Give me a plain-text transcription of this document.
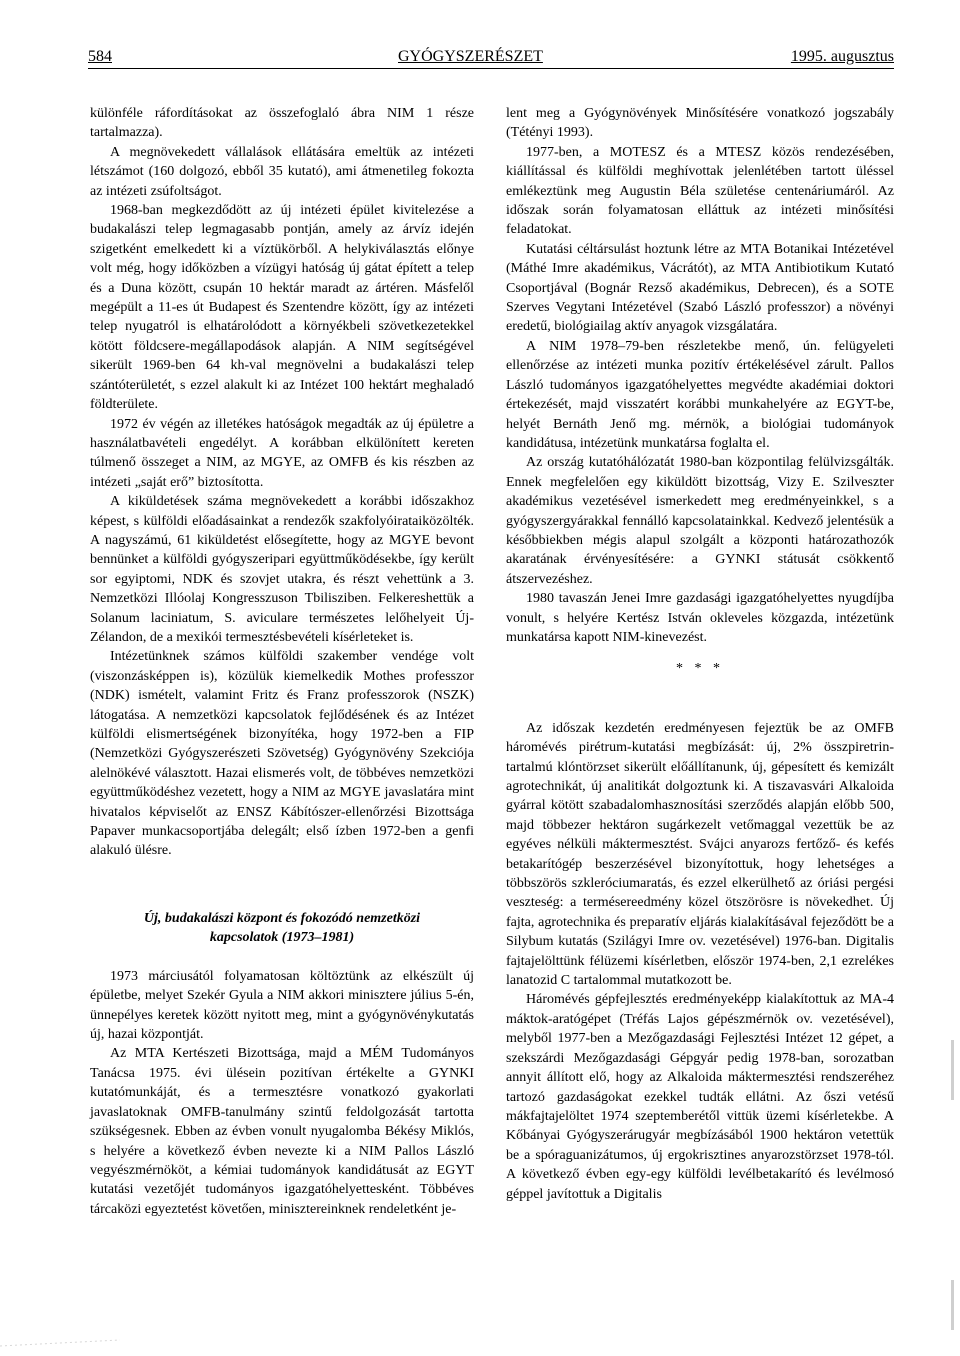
584	GYÓGYSZERÉSZET	1995. augusztus

különféle ráfordításokat az összefoglaló ábra NIM 1 része tartalmazza).

A megnövekedett vállalások ellátására emeltük az intézeti létszámot (160 dolgozó, ebből 35 kutató), ami átmenetileg fokozta az intézeti zsúfoltságot.

1968-ban megkezdődött az új intézeti épület kivitelezése a budakalászi telep legmagasabb pontján, amely az árvíz idején szigetként emelkedett ki a víztükörből. A helykiválasztás előnye volt még, hogy időközben a vízügyi hatóság új gátat épített a telep és a Duna között, csupán 10 hektár maradt az ártéren. Másfelől megépült a 11-es út Budapest és Szentendre között, így az intézeti telep nyugatról is elhatárolódott a környékbeli szövetkezetekkel kötött földcsere-megállapodások alapján. A NIM segítségével sikerült 1969-ben 64 kh-val megnövelni a budakalászi telep szántóterületét, s ezzel alakult ki az Intézet 100 hektárt meghaladó földterülete.

1972 év végén az illetékes hatóságok megadták az új épületre a használatbavételi engedélyt. A korábban elkülönített kereten túlmenő összeget a NIM, az MGYE, az OMFB és kis részben az intézeti „saját erő” biztosította.

A kiküldetések száma megnövekedett a korábbi időszakhoz képest, s külföldi előadásainkat a rendezők szakfolyóirataiközölték. A nagyszámú, 61 kiküldetést elősegítette, hogy az MGYE bevont bennünket a külföldi gyógyszeripari együttműködésekbe, így került sor egyiptomi, NDK és szovjet utakra, és részt vehettünk a 3. Nemzetközi Illóolaj Kongresszuson Tbilisziben. Felkereshettük a Solanum laciniatum, S. aviculare természetes lelőhelyeit Új-Zélandon, de a mexikói termesztésbevételi kísérleteket is.

Intézetünknek számos külföldi szakember vendége volt (viszonzásképpen is), közülük kiemelkedik Mothes professzor (NDK) ismételt, valamint Fritz és Franz professzorok (NSZK) látogatása. A nemzetközi kapcsolatok fejlődésének és az Intézet külföldi elismertségének bizonyítéka, hogy 1972-ben a FIP (Nemzetközi Gyógyszerészeti Szövetség) Gyógynövény Szekciója alelnökévé választott. Hazai elismerés volt, de többéves nemzetközi együttműködéshez vezetett, hogy a NIM az MGYE javaslatára mint hivatalos képviselőt az ENSZ Kábítószer-ellenőrzési Bizottsága Papaver munkacsoportjába delegált; első ízben 1972-ben a genfi alakuló ülésre.

Új, budakalászi központ és fokozódó nemzetközi
kapcsolatok (1973–1981)

1973 márciusától folyamatosan költöztünk az elkészült új épületbe, melyet Szekér Gyula a NIM akkori minisztere július 5-én, ünnepélyes keretek között nyitott meg, mint a gyógynövénykutatás új, hazai központját.

Az MTA Kertészeti Bizottsága, majd a MÉM Tudományos Tanácsa 1975. évi ülésein pozitívan értékelte a GYNKI kutatómunkáját, és a termesztésre vonatkozó gyakorlati javaslatoknak OMFB-tanulmány szintű feldolgozását tartotta szükségesnek. Ebben az évben vonult nyugalomba Békésy Miklós, s helyére a következő évben nevezte ki a NIM Pallos László vegyészmérnököt, a kémiai tudományok kandidátusát az EGYT kutatási vezetőjét tudományos igazgatóhelyettesként. Többéves tárcaközi egyeztetést követően, minisztereinknek rendeletként je-

lent meg a Gyógynövények Minősítésére vonatkozó jogszabály (Tétényi 1993).

1977-ben, a MOTESZ és a MTESZ közös rendezésében, kiállítással és külföldi meghívottak jelenlétében tartott üléssel emlékeztünk meg Augustin Béla születése centenáriumáról. Az időszak során folyamatosan elláttuk az intézeti minősítési feladatokat.

Kutatási céltársulást hoztunk létre az MTA Botanikai Intézetével (Máthé Imre akadémikus, Vácrátót), az MTA Antibiotikum Kutató Csoportjával (Bognár Rezső akadémikus, Debrecen), és a SOTE Szerves Vegytani Intézetével (Szabó László professzor) a növényi eredetű, biológiailag aktív anyagok vizsgálatára.

A NIM 1978–79-ben részletekbe menő, ún. felügyeleti ellenőrzése az intézeti munka pozitív értékelésével zárult. Pallos László tudományos igazgatóhelyettes megvédte akadémiai doktori értekezését, majd visszatért korábbi munkahelyére az EGYT-be, helyét Bernáth Jenő mg. mérnök, a biológiai tudományok kandidátusa, intézetünk munkatársa foglalta el.

Az ország kutatóhálózatát 1980-ban központilag felülvizsgálták. Ennek megfelelően egy kiküldött bizottság, Vizy E. Szilveszter akadémikus vezetésével ismerkedett meg eredményeinkkel, s a gyógyszergyárakkal fennálló kapcsolatainkkal. Kedvező jelentésük a későbbiekben mégis alapul szolgált a központi határozathozók akaratának érvényesítésére: a GYNKI státusát csökkentő átszervezéshez.

1980 tavaszán Jenei Imre gazdasági igazgatóhelyettes nyugdíjba vonult, s helyére Kertész István okleveles közgazda, intézetünk munkatársa kapott NIM-kinevezést.

* * *

Az időszak kezdetén eredményesen fejeztük be az OMFB háromévés pirétrum-kutatási megbízását: új, 2% összpiretrin-tartalmú klóntörzset sikerült előállítanunk, új, gépesített és kemizált agrotechnikát, új analitikát dolgoztunk ki. A tiszavasvári Alkaloida gyárral kötött szabadalomhasznosítási szerződés alapján előbb 500, majd többezer hektáron sugárkezelt vetőmaggal vezettük be az egyéves nélküli máktermesztést. Svájci anyarozs fertőző- és kefés betakarítógép beszerzésével bizonyítottuk, hogy lehetséges a többszörös szkleróciumaratás, és ezzel elkerülhető az óriási pergési veszteség: a termésereedmény közel ötszörösre is növekedhet. Új fajta, agrotechnika és preparatív eljárás kialakításával fejeződött be a Silybum kutatás (Szilágyi Imre ov. vezetésével) 1976-ban. Digitalis fajtajelölttünk félüzemi kísérletben, először 1974-ben, 2,1 ezrelékes lanatozid C tartalommal mutatkozott be.

Háromévés gépfejlesztés eredményeképp kialakítottuk az MA-4 máktok-aratógépet (Tréfás Lajos gépészmérnök ov. vezetésével), melyből 1977-ben a Mezőgazdasági Fejlesztési Intézet 12 gépet, a szekszárdi Mezőgazdasági Gépgyár pedig 1978-ban, sorozatban annyit állított elő, hogy az Alkaloida máktermesztési rendszeréhez tartozó gazdaságokat ezekkel tudták ellátni. Az őszi vetésű mákfajtajelöltet 1974 szeptemberétől vittük üzemi kísérletekbe. A Kőbányai Gyógyszerárugyár megbízásából 1900 hektáron vetettük be a spóraguanizátumos, új ergokrisztines anyarozstörzset 1978-tól. A következő évben egy-egy külföldi levélbetakarító és levélmosó géppel javítottuk a Digitalis
